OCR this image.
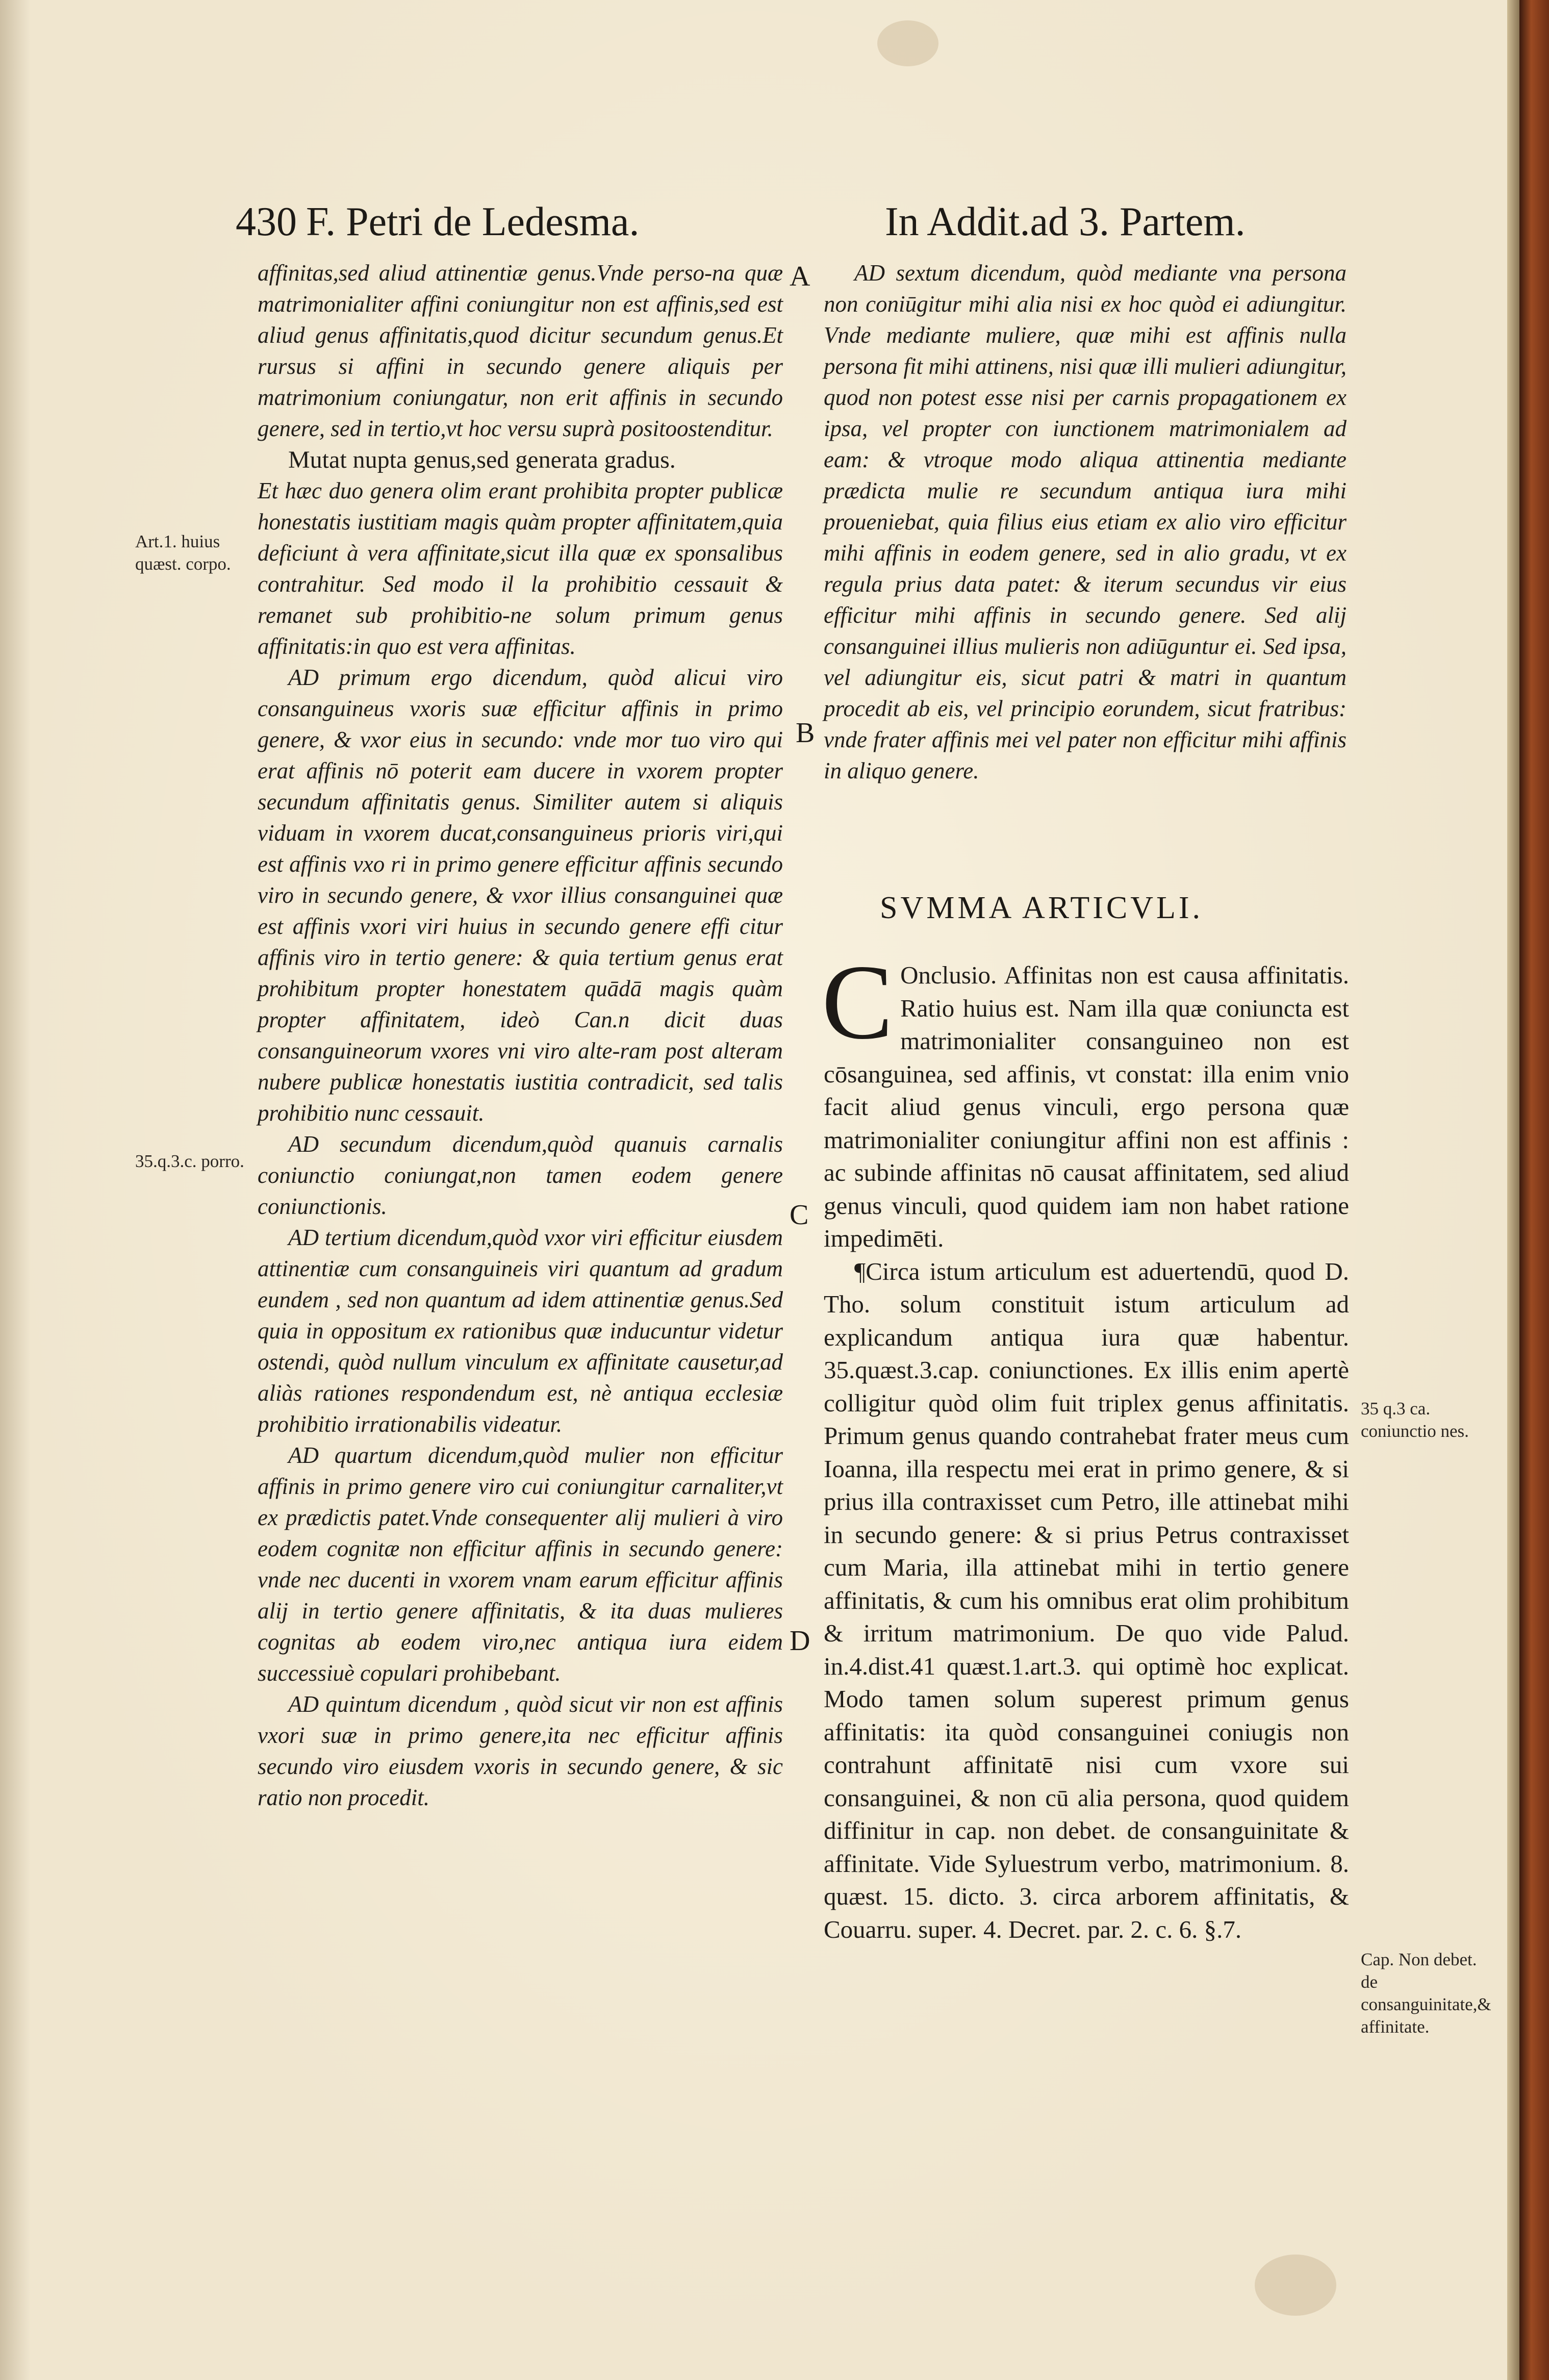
430 F. Petri de Ledesma.	In Addit.ad 3. Partem.
A
B
C
D

affinitas,sed aliud attinentiæ genus.Vnde perso-na quæ matrimonialiter affini coniungitur non est affinis,sed est aliud genus affinitatis,quod dicitur secundum genus.Et rursus si affini in secundo genere aliquis per matrimonium coniungatur, non erit affinis in secundo genere, sed in tertio,vt hoc versu suprà positoostenditur.

Mutat nupta genus,sed generata gradus.

Et hæc duo genera olim erant prohibita propter publicæ honestatis iustitiam magis quàm propter affinitatem,quia deficiunt à vera affinitate,sicut illa quæ ex sponsalibus contrahitur. Sed modo il la prohibitio cessauit & remanet sub prohibitio-ne solum primum genus affinitatis:in quo est vera affinitas.

AD primum ergo dicendum, quòd alicui viro consanguineus vxoris suæ efficitur affinis in primo genere, & vxor eius in secundo: vnde mor tuo viro qui erat affinis nō poterit eam ducere in vxorem propter secundum affinitatis genus. Similiter autem si aliquis viduam in vxorem ducat,consanguineus prioris viri,qui est affinis vxo ri in primo genere efficitur affinis secundo viro in secundo genere, & vxor illius consanguinei quæ est affinis vxori viri huius in secundo genere effi citur affinis viro in tertio genere: & quia tertium genus erat prohibitum propter honestatem quādā magis quàm propter affinitatem, ideò Can.n dicit duas consanguineorum vxores vni viro alte-ram post alteram nubere publicæ honestatis iustitia contradicit, sed talis prohibitio nunc cessauit.

AD secundum dicendum,quòd quanuis carnalis coniunctio coniungat,non tamen eodem genere coniunctionis.

AD tertium dicendum,quòd vxor viri efficitur eiusdem attinentiæ cum consanguineis viri quantum ad gradum eundem , sed non quantum ad idem attinentiæ genus.Sed quia in oppositum ex rationibus quæ inducuntur videtur ostendi, quòd nullum vinculum ex affinitate causetur,ad aliàs rationes respondendum est, nè antiqua ecclesiæ prohibitio irrationabilis videatur.

AD quartum dicendum,quòd mulier non efficitur affinis in primo genere viro cui coniungitur carnaliter,vt ex prædictis patet.Vnde consequenter alij mulieri à viro eodem cognitæ non efficitur affinis in secundo genere: vnde nec ducenti in vxorem vnam earum efficitur affinis alij in tertio genere affinitatis, & ita duas mulieres cognitas ab eodem viro,nec antiqua iura eidem successiuè copulari prohibebant.

AD quintum dicendum , quòd sicut vir non est affinis vxori suæ in primo genere,ita nec efficitur affinis secundo viro eiusdem vxoris in secundo genere, & sic ratio non procedit.

AD sextum dicendum, quòd mediante vna persona non coniūgitur mihi alia nisi ex hoc quòd ei adiungitur. Vnde mediante muliere, quæ mihi est affinis nulla persona fit mihi attinens, nisi quæ illi mulieri adiungitur, quod non potest esse nisi per carnis propagationem ex ipsa, vel propter con iunctionem matrimonialem ad eam: & vtroque modo aliqua attinentia mediante prædicta mulie re secundum antiqua iura mihi proueniebat, quia filius eius etiam ex alio viro efficitur mihi affinis in eodem genere, sed in alio gradu, vt ex regula prius data patet: & iterum secundus vir eius efficitur mihi affinis in secundo genere. Sed alij consanguinei illius mulieris non adiūguntur ei. Sed ipsa, vel adiungitur eis, sicut patri & matri in quantum procedit ab eis, vel principio eorundem, sicut fratribus: vnde frater affinis mei vel pater non efficitur mihi affinis in aliquo genere.

SVMMA ARTICVLI.

C Onclusio. Affinitas non est causa affinitatis. Ratio huius est. Nam illa quæ coniuncta est matrimonialiter consanguineo non est cōsanguinea, sed affinis, vt constat: illa enim vnio facit aliud genus vinculi, ergo persona quæ matrimonialiter coniungitur affini non est affinis : ac subinde affinitas nō causat affinitatem, sed aliud genus vinculi, quod quidem iam non habet ratione impedimēti.

¶Circa istum articulum est aduertendū, quod D. Tho. solum constituit istum articulum ad explicandum antiqua iura quæ habentur. 35.quæst.3.cap. coniunctiones. Ex illis enim apertè colligitur quòd olim fuit triplex genus affinitatis. Primum genus quando contrahebat frater meus cum Ioanna, illa respectu mei erat in primo genere, & si prius illa contraxisset cum Petro, ille attinebat mihi in secundo genere: & si prius Petrus contraxisset cum Maria, illa attinebat mihi in tertio genere affinitatis, & cum his omnibus erat olim prohibitum & irritum matrimonium. De quo vide Palud. in.4.dist.41 quæst.1.art.3. qui optimè hoc explicat. Modo tamen solum superest primum genus affinitatis: ita quòd consanguinei coniugis non contrahunt affinitatē nisi cum vxore sui consanguinei, & non cū alia persona, quod quidem diffinitur in cap. non debet. de consanguinitate & affinitate. Vide Syluestrum verbo, matrimonium. 8. quæst. 15. dicto. 3. circa arborem affinitatis, & Couarru. super. 4. Decret. par. 2. c. 6. §.7.

Art.1. huius quæst. corpo.
35.q.3.c. porro.
35 q.3 ca. coniunctio nes.
Cap. Non debet. de consanguinitate,& affinitate.
